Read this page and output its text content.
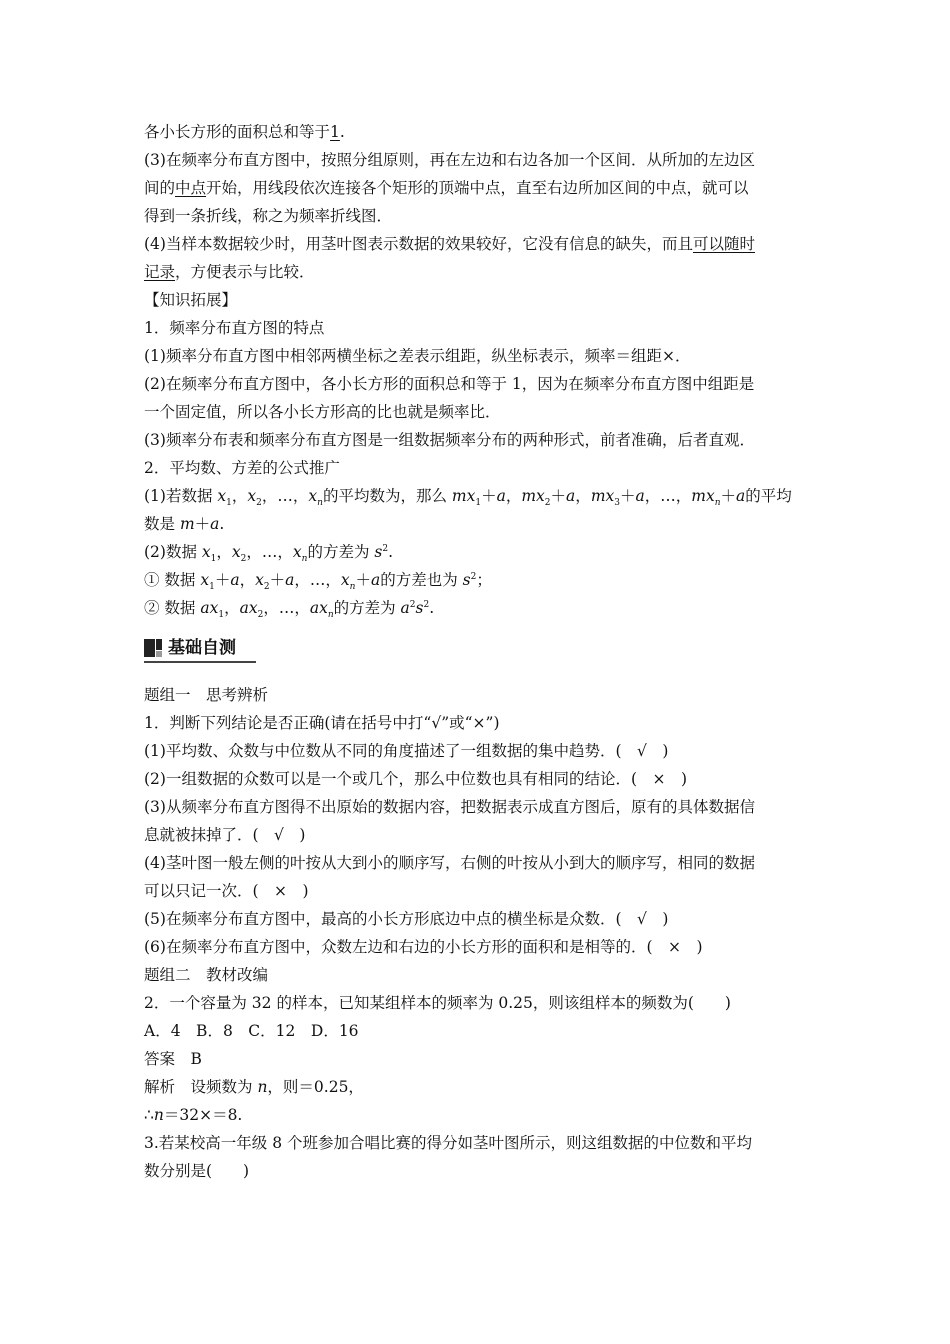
各小长方形的面积总和等于1.
(3)在频率分布直方图中，按照分组原则，再在左边和右边各加一个区间．从所加的左边区
间的中点开始，用线段依次连接各个矩形的顶端中点，直至右边所加区间的中点，就可以
得到一条折线，称之为频率折线图．
(4)当样本数据较少时，用茎叶图表示数据的效果较好，它没有信息的缺失，而且可以随时
记录，方便表示与比较．
【知识拓展】
1．频率分布直方图的特点
(1)频率分布直方图中相邻两横坐标之差表示组距，纵坐标表示，频率＝组距×．
(2)在频率分布直方图中，各小长方形的面积总和等于 1，因为在频率分布直方图中组距是
一个固定值，所以各小长方形高的比也就是频率比．
(3)频率分布表和频率分布直方图是一组数据频率分布的两种形式，前者准确，后者直观．
2．平均数、方差的公式推广
(1)若数据 $x_1$，$x_2$，…，$x_n$的平均数为，那么 $mx_1+a$，$mx_2+a$，$mx_3+a$，…，$mx_n+a$的平均
数是 m＋a.
(2)数据 $x_1$，$x_2$，…，$x_n$的方差为 $s^2$.
① 数据 $x_1+a$，$x_2+a$，…，$x_n+a$的方差也为 $s^2$；
② 数据 $ax_1$，$ax_2$，…，$ax_n$的方差为 $a^2s^2$.
基础自测
题组一　思考辨析
1．判断下列结论是否正确(请在括号中打“√”或“×”)
(1)平均数、众数与中位数从不同的角度描述了一组数据的集中趋势．(　√　)
(2)一组数据的众数可以是一个或几个，那么中位数也具有相同的结论．(　×　)
(3)从频率分布直方图得不出原始的数据内容，把数据表示成直方图后，原有的具体数据信
息就被抹掉了．(　√　)
(4)茎叶图一般左侧的叶按从大到小的顺序写，右侧的叶按从小到大的顺序写，相同的数据
可以只记一次．(　×　)
(5)在频率分布直方图中，最高的小长方形底边中点的横坐标是众数．(　√　)
(6)在频率分布直方图中，众数左边和右边的小长方形的面积和是相等的．(　×　)
题组二　教材改编
2．一个容量为 32 的样本，已知某组样本的频率为 0.25，则该组样本的频数为(　　)
A．4　B．8　C．12　D．16
答案　B
解析　设频数为 n，则＝0.25，
∴n＝32×＝8.
3.若某校高一年级 8 个班参加合唱比赛的得分如茎叶图所示，则这组数据的中位数和平均
数分别是(　　)
